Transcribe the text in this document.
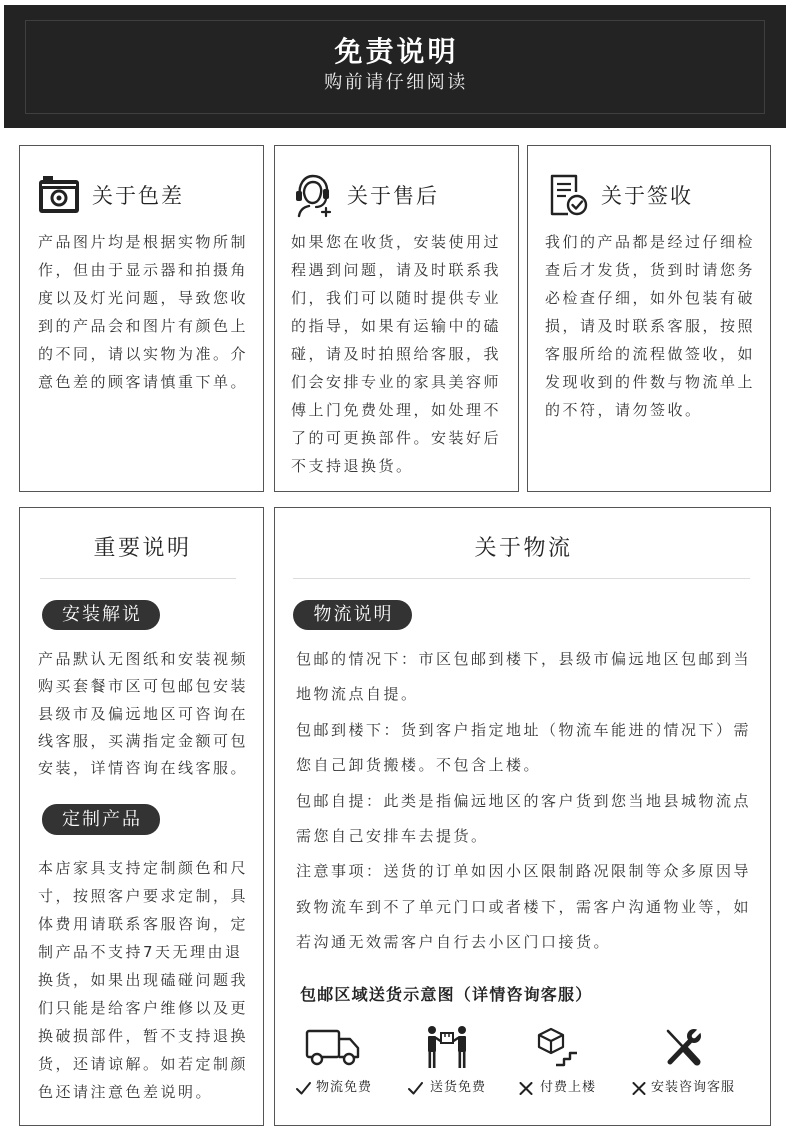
免责说明
购前请仔细阅读
关于色差
产品图片均是根据实物所制
作，但由于显示器和拍摄角
度以及灯光问题，导致您收
到的产品会和图片有颜色上
的不同，请以实物为准。介
意色差的顾客请慎重下单。
关于售后
如果您在收货，安装使用过
程遇到问题，请及时联系我
们，我们可以随时提供专业
的指导，如果有运输中的磕
碰，请及时拍照给客服，我
们会安排专业的家具美容师
傅上门免费处理，如处理不
了的可更换部件。安装好后
不支持退换货。
关于签收
我们的产品都是经过仔细检
查后才发货，货到时请您务
必检查仔细，如外包装有破
损，请及时联系客服，按照
客服所给的流程做签收，如
发现收到的件数与物流单上
的不符，请勿签收。
重要说明
安装解说
产品默认无图纸和安装视频
购买套餐市区可包邮包安装
县级市及偏远地区可咨询在
线客服，买满指定金额可包
安装，详情咨询在线客服。
定制产品
本店家具支持定制颜色和尺
寸，按照客户要求定制，具
体费用请联系客服咨询，定
制产品不支持7天无理由退
换货，如果出现磕碰问题我
们只能是给客户维修以及更
换破损部件，暂不支持退换
货，还请谅解。如若定制颜
色还请注意色差说明。
关于物流
物流说明
包邮的情况下：市区包邮到楼下，县级市偏远地区包邮到当
地物流点自提。
包邮到楼下：货到客户指定地址（物流车能进的情况下）需
您自己卸货搬楼。不包含上楼。
包邮自提：此类是指偏远地区的客户货到您当地县城物流点
需您自己安排车去提货。
注意事项：送货的订单如因小区限制路况限制等众多原因导
致物流车到不了单元门口或者楼下，需客户沟通物业等，如
若沟通无效需客户自行去小区门口接货。
包邮区域送货示意图（详情咨询客服）
物流免费	送货免费	付费上楼	安装咨询客服
